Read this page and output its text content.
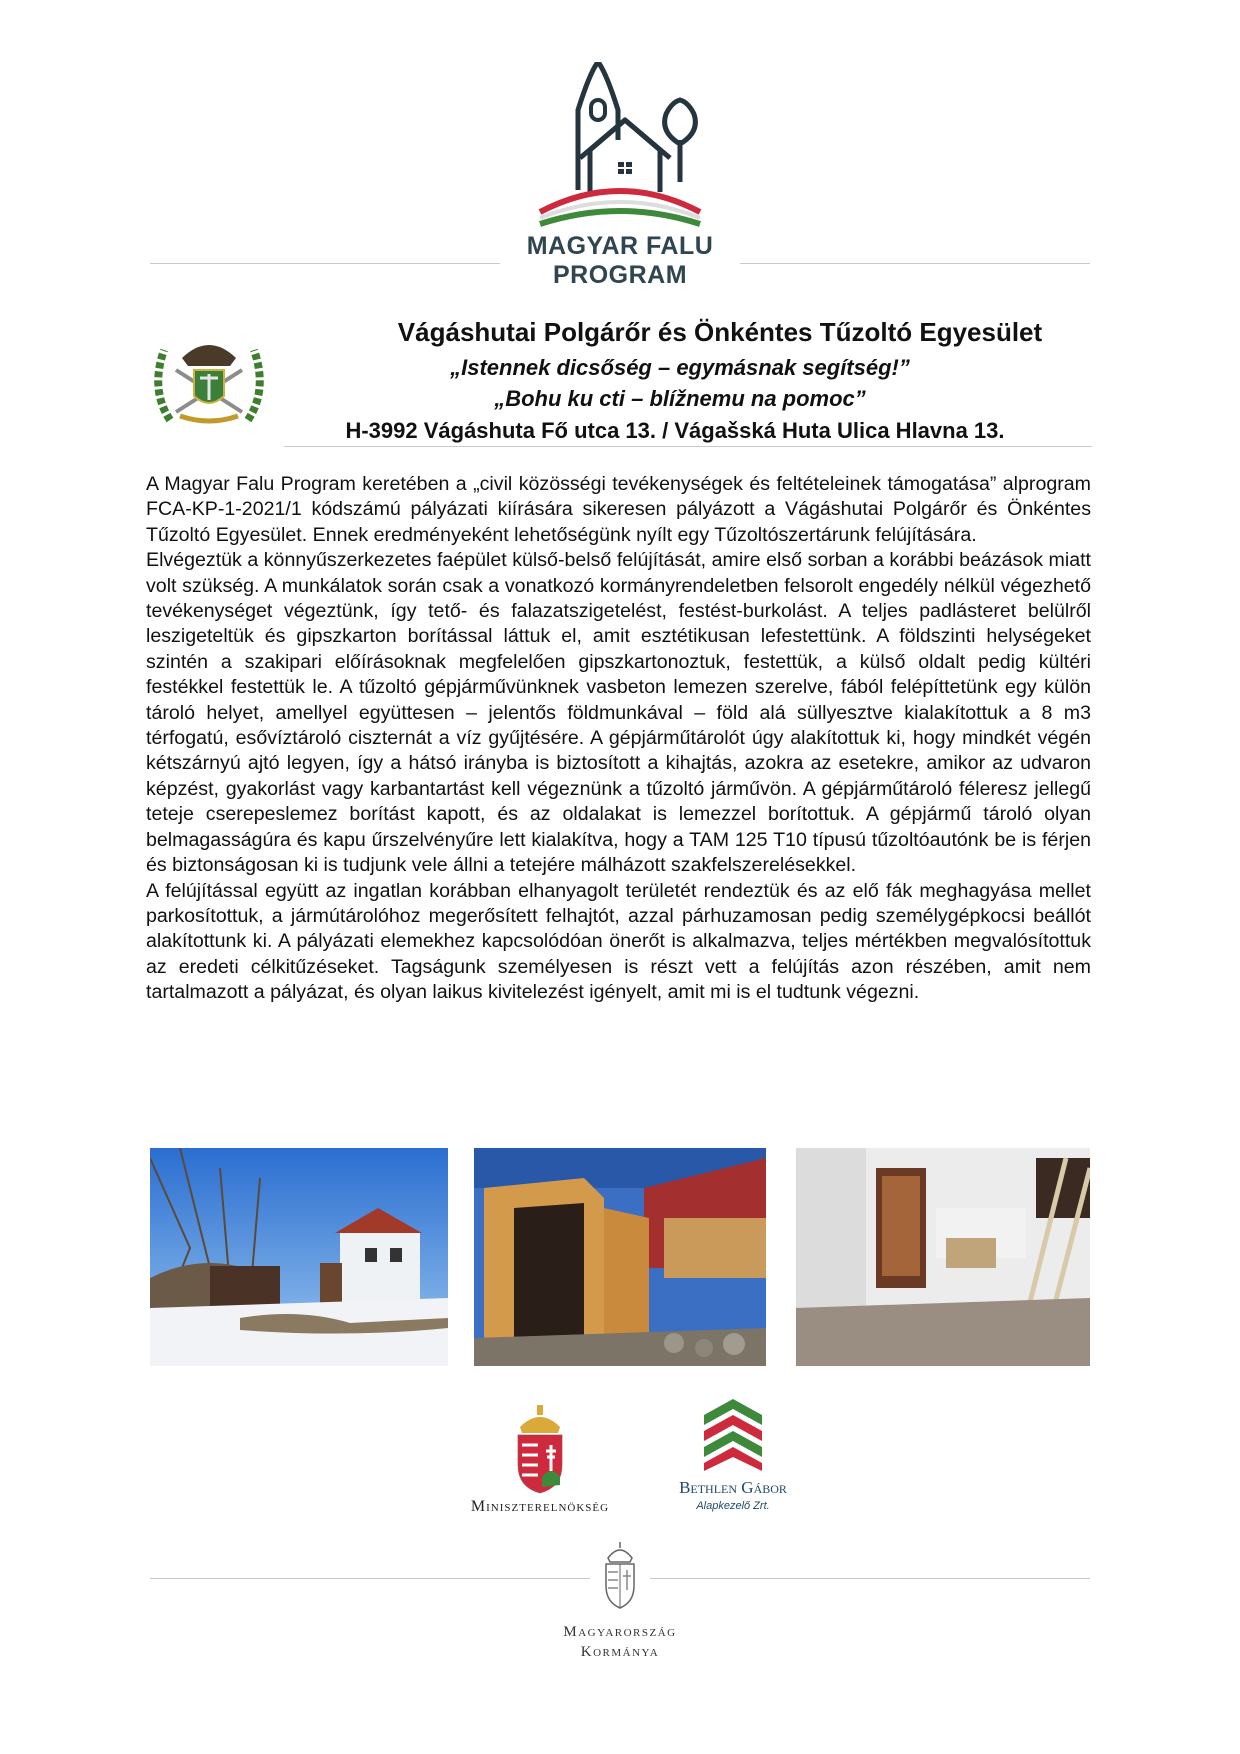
MAGYAR FALU
PROGRAM
Vágáshutai Polgárőr és Önkéntes Tűzoltó Egyesület
„Istennek dicsőség – egymásnak segítség!”
„Bohu ku cti – blížnemu na pomoc”
H-3992 Vágáshuta Fő utca 13. / Vágašská Huta Ulica Hlavna 13.

A Magyar Falu Program keretében a „civil közösségi tevékenységek és feltételeinek támogatása” alprogram FCA-KP-1-2021/1 kódszámú pályázati kiírására sikeresen pályázott a Vágáshutai Polgárőr és Önkéntes Tűzoltó Egyesület. Ennek eredményeként lehetőségünk nyílt egy Tűzoltószertárunk felújítására.

Elvégeztük a könnyűszerkezetes faépület külső-belső felújítását, amire első sorban a korábbi beázások miatt volt szükség. A munkálatok során csak a vonatkozó kormányrendeletben felsorolt engedély nélkül végezhető tevékenységet végeztünk, így tető- és falazatszigetelést, festést-burkolást. A teljes padlásteret belülről leszigeteltük és gipszkarton borítással láttuk el, amit esztétikusan lefestettünk. A földszinti helységeket szintén a szakipari előírásoknak megfelelően gipszkartonoztuk, festettük, a külső oldalt pedig kültéri festékkel festettük le. A tűzoltó gépjárművünknek vasbeton lemezen szerelve, fából felépíttetünk egy külön tároló helyet, amellyel együttesen – jelentős földmunkával – föld alá süllyesztve kialakítottuk a 8 m3 térfogatú, esővíztároló ciszternát a víz gyűjtésére. A gépjárműtárolót úgy alakítottuk ki, hogy mindkét végén kétszárnyú ajtó legyen, így a hátsó irányba is biztosított a kihajtás, azokra az esetekre, amikor az udvaron képzést, gyakorlást vagy karbantartást kell végeznünk a tűzoltó járművön. A gépjárműtároló féleresz jellegű teteje cserepeslemez borítást kapott, és az oldalakat is lemezzel borítottuk. A gépjármű tároló olyan belmagasságúra és kapu űrszelvényűre lett kialakítva, hogy a TAM 125 T10 típusú tűzoltóautónk be is férjen és biztonságosan ki is tudjunk vele állni a tetejére málházott szakfelszerelésekkel.

A felújítással együtt az ingatlan korábban elhanyagolt területét rendeztük és az elő fák meghagyása mellet parkosítottuk, a jármútárolóhoz megerősített felhajtót, azzal párhuzamosan pedig személygépkocsi beállót alakítottunk ki. A pályázati elemekhez kapcsolódóan önerőt is alkalmazva, teljes mértékben megvalósítottuk az eredeti célkitűzéseket. Tagságunk személyesen is részt vett a felújítás azon részében, amit nem tartalmazott a pályázat, és olyan laikus kivitelezést igényelt, amit mi is el tudtunk végezni.

Miniszterelnökség
Bethlen Gábor
Alapkezelő Zrt.
Magyarország
Kormánya
